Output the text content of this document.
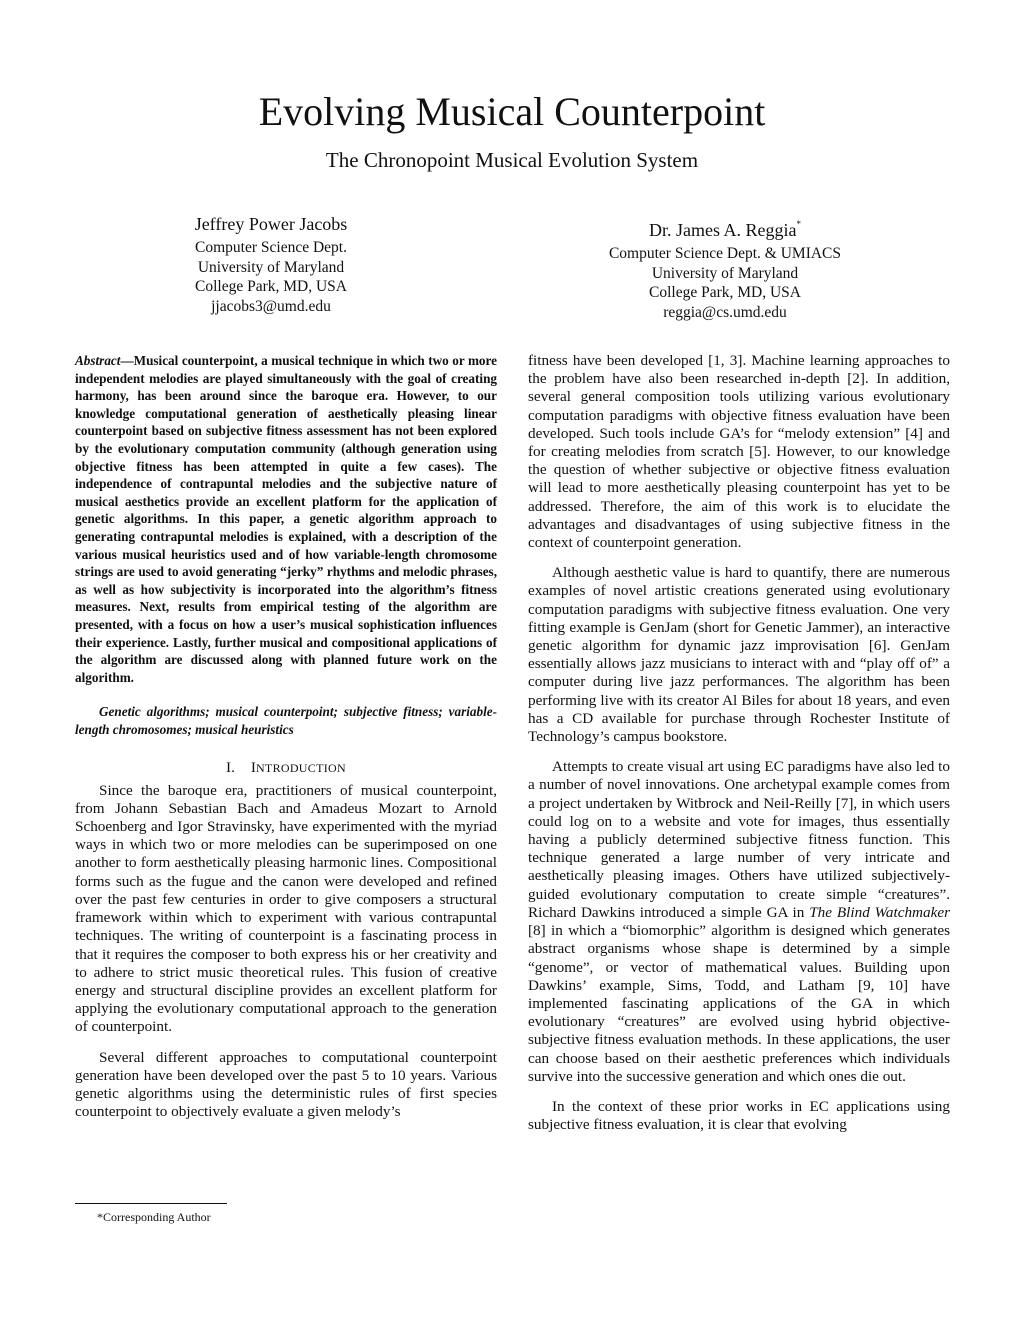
Evolving Musical Counterpoint
The Chronopoint Musical Evolution System
Jeffrey Power Jacobs
Computer Science Dept.
University of Maryland
College Park, MD, USA
jjacobs3@umd.edu
Dr. James A. Reggia*
Computer Science Dept. & UMIACS
University of Maryland
College Park, MD, USA
reggia@cs.umd.edu

Abstract—Musical counterpoint, a musical technique in which two or more independent melodies are played simultaneously with the goal of creating harmony, has been around since the baroque era. However, to our knowledge computational generation of aesthetically pleasing linear counterpoint based on subjective fitness assessment has not been explored by the evolutionary computation community (although generation using objective fitness has been attempted in quite a few cases). The independence of contrapuntal melodies and the subjective nature of musical aesthetics provide an excellent platform for the application of genetic algorithms. In this paper, a genetic algorithm approach to generating contrapuntal melodies is explained, with a description of the various musical heuristics used and of how variable-length chromosome strings are used to avoid generating “jerky” rhythms and melodic phrases, as well as how subjectivity is incorporated into the algorithm’s fitness measures. Next, results from empirical testing of the algorithm are presented, with a focus on how a user’s musical sophistication influences their experience. Lastly, further musical and compositional applications of the algorithm are discussed along with planned future work on the algorithm.

Genetic algorithms; musical counterpoint; subjective fitness; variable-length chromosomes; musical heuristics

I. INTRODUCTION

Since the baroque era, practitioners of musical counterpoint, from Johann Sebastian Bach and Amadeus Mozart to Arnold Schoenberg and Igor Stravinsky, have experimented with the myriad ways in which two or more melodies can be superimposed on one another to form aesthetically pleasing harmonic lines. Compositional forms such as the fugue and the canon were developed and refined over the past few centuries in order to give composers a structural framework within which to experiment with various contrapuntal techniques. The writing of counterpoint is a fascinating process in that it requires the composer to both express his or her creativity and to adhere to strict music theoretical rules. This fusion of creative energy and structural discipline provides an excellent platform for applying the evolutionary computational approach to the generation of counterpoint.

Several different approaches to computational counterpoint generation have been developed over the past 5 to 10 years. Various genetic algorithms using the deterministic rules of first species counterpoint to objectively evaluate a given melody’s

fitness have been developed [1, 3]. Machine learning approaches to the problem have also been researched in-depth [2]. In addition, several general composition tools utilizing various evolutionary computation paradigms with objective fitness evaluation have been developed. Such tools include GA’s for “melody extension” [4] and for creating melodies from scratch [5]. However, to our knowledge the question of whether subjective or objective fitness evaluation will lead to more aesthetically pleasing counterpoint has yet to be addressed. Therefore, the aim of this work is to elucidate the advantages and disadvantages of using subjective fitness in the context of counterpoint generation.

Although aesthetic value is hard to quantify, there are numerous examples of novel artistic creations generated using evolutionary computation paradigms with subjective fitness evaluation. One very fitting example is GenJam (short for Genetic Jammer), an interactive genetic algorithm for dynamic jazz improvisation [6]. GenJam essentially allows jazz musicians to interact with and “play off of” a computer during live jazz performances. The algorithm has been performing live with its creator Al Biles for about 18 years, and even has a CD available for purchase through Rochester Institute of Technology’s campus bookstore.

Attempts to create visual art using EC paradigms have also led to a number of novel innovations. One archetypal example comes from a project undertaken by Witbrock and Neil-Reilly [7], in which users could log on to a website and vote for images, thus essentially having a publicly determined subjective fitness function. This technique generated a large number of very intricate and aesthetically pleasing images. Others have utilized subjectively-guided evolutionary computation to create simple “creatures”. Richard Dawkins introduced a simple GA in The Blind Watchmaker [8] in which a “biomorphic” algorithm is designed which generates abstract organisms whose shape is determined by a simple “genome”, or vector of mathematical values. Building upon Dawkins’ example, Sims, Todd, and Latham [9, 10] have implemented fascinating applications of the GA in which evolutionary “creatures” are evolved using hybrid objective-subjective fitness evaluation methods. In these applications, the user can choose based on their aesthetic preferences which individuals survive into the successive generation and which ones die out.

In the context of these prior works in EC applications using subjective fitness evaluation, it is clear that evolving

*Corresponding Author
